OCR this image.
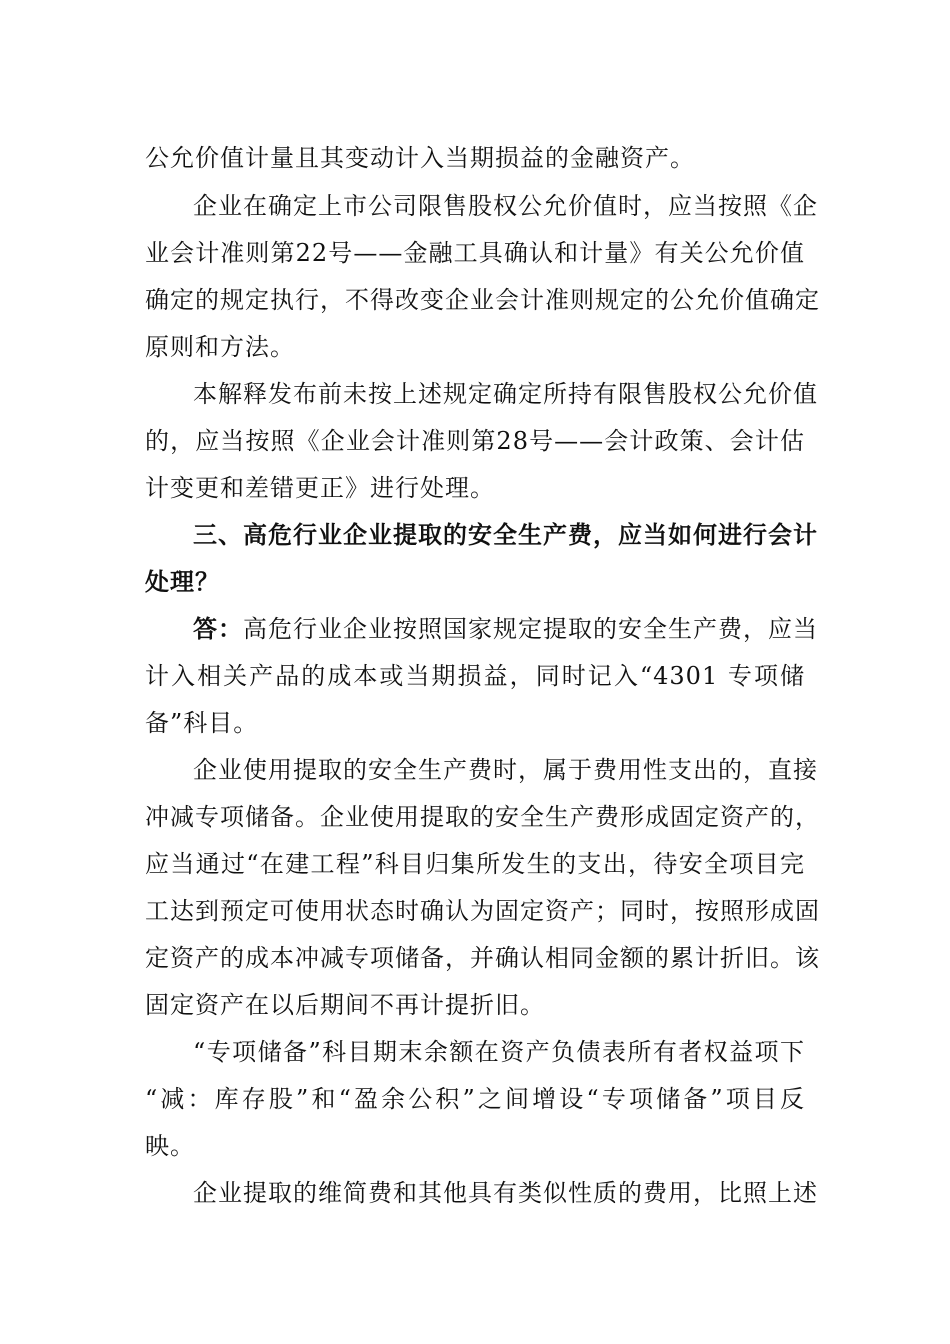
公允价值计量且其变动计入当期损益的金融资产。
企业在确定上市公司限售股权公允价值时，应当按照《企
业会计准则第22号——金融工具确认和计量》有关公允价值
确定的规定执行，不得改变企业会计准则规定的公允价值确定
原则和方法。
本解释发布前未按上述规定确定所持有限售股权公允价值
的，应当按照《企业会计准则第28号——会计政策、会计估
计变更和差错更正》进行处理。
三、高危行业企业提取的安全生产费，应当如何进行会计
处理？
答： 高危行业企业按照国家规定提取的安全生产费，应当
计入相关产品的成本或当期损益，同时记入“4301 专项储
备”科目。
企业使用提取的安全生产费时，属于费用性支出的，直接
冲减专项储备。企业使用提取的安全生产费形成固定资产的，
应当通过“在建工程”科目归集所发生的支出，待安全项目完
工达到预定可使用状态时确认为固定资产；同时，按照形成固
定资产的成本冲减专项储备，并确认相同金额的累计折旧。该
固定资产在以后期间不再计提折旧。
“专项储备”科目期末余额在资产负债表所有者权益项下
“减：库存股”和“盈余公积”之间增设“专项储备”项目反
映。
企业提取的维简费和其他具有类似性质的费用，比照上述
